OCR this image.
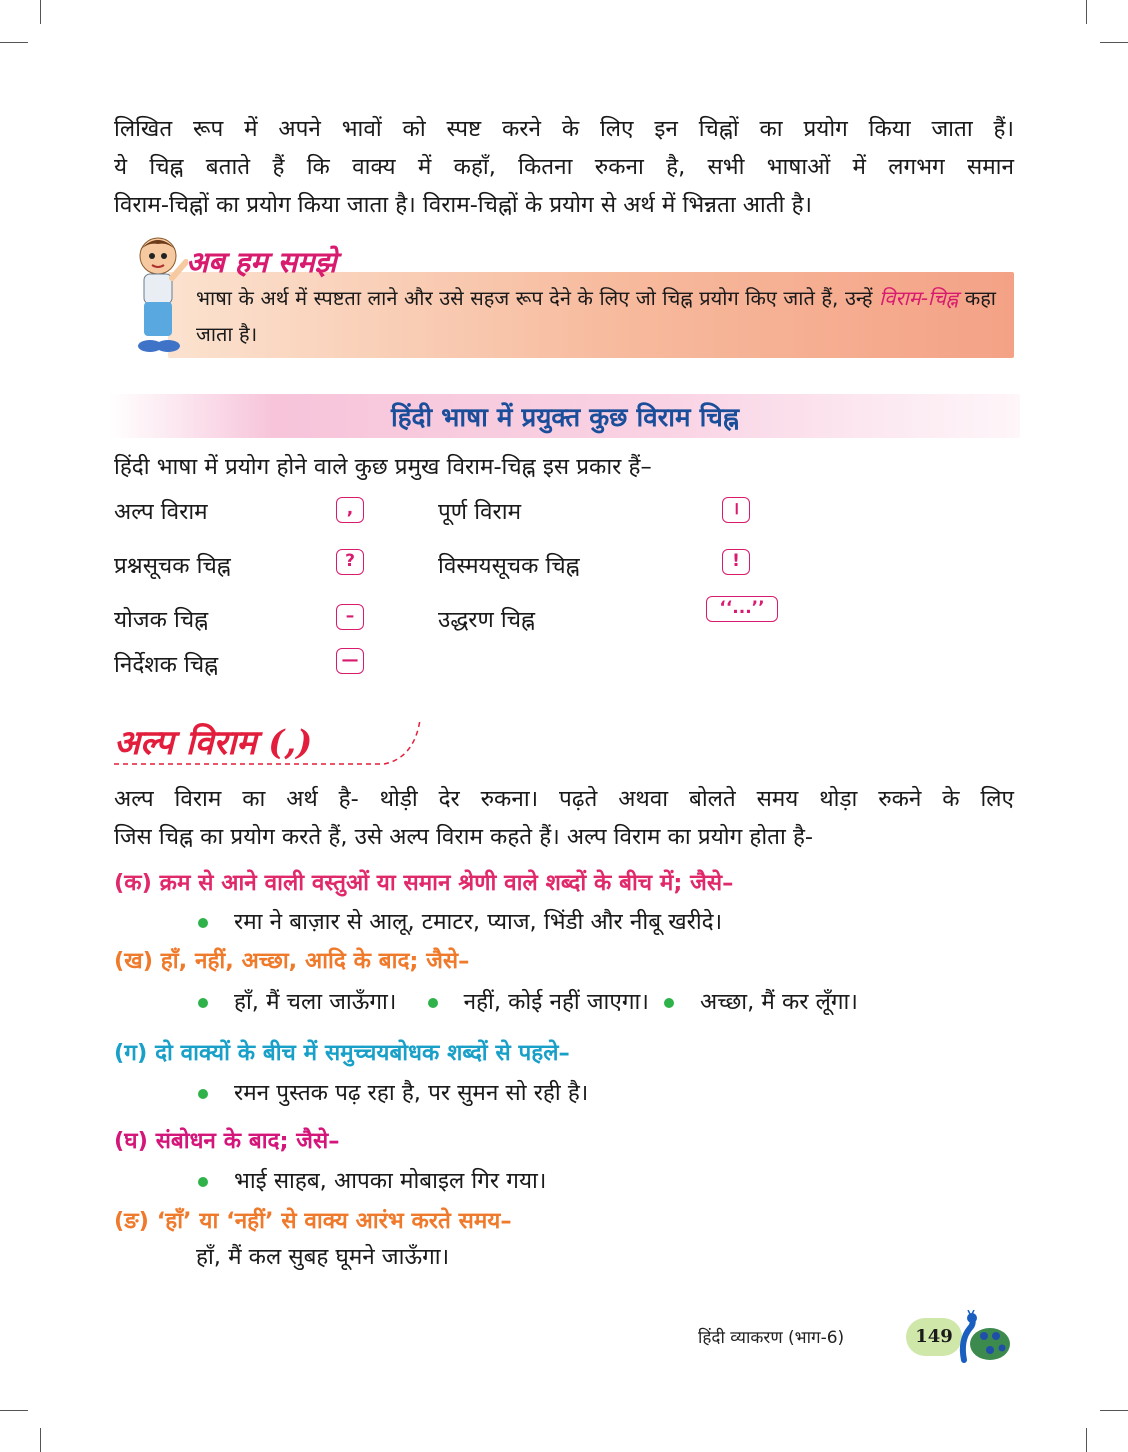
लिखित रूप में अपने भावों को स्पष्ट करने के लिए इन चिह्नों का प्रयोग किया जाता हैं।

ये चिह्न बताते हैं कि वाक्य में कहाँ, कितना रुकना है, सभी भाषाओं में लगभग समान

विराम-चिह्नों का प्रयोग किया जाता है। विराम-चिह्नों के प्रयोग से अर्थ में भिन्नता आती है।

भाषा के अर्थ में स्पष्टता लाने और उसे सहज रूप देने के लिए जो चिह्न प्रयोग किए जाते हैं, उन्हें विराम-चिह्न कहा जाता है।

अब हम समझे
हिंदी भाषा में प्रयुक्त कुछ विराम चिह्न
हिंदी भाषा में प्रयोग होने वाले कुछ प्रमुख विराम-चिह्न इस प्रकार हैं–
अल्प विराम	,	पूर्ण विराम	।
प्रश्नसूचक चिह्न	?	विस्मयसूचक चिह्न	!
योजक चिह्न	–	उद्धरण चिह्न	‘‘...’’
निर्देशक चिह्न	—
अल्प विराम (,)

अल्प विराम का अर्थ है- थोड़ी देर रुकना। पढ़ते अथवा बोलते समय थोड़ा रुकने के लिए

जिस चिह्न का प्रयोग करते हैं, उसे अल्प विराम कहते हैं। अल्प विराम का प्रयोग होता है-

(क) क्रम से आने वाली वस्तुओं या समान श्रेणी वाले शब्दों के बीच में; जैसे–
रमा ने बाज़ार से आलू, टमाटर, प्याज, भिंडी और नीबू खरीदे।
(ख) हाँ, नहीं, अच्छा, आदि के बाद; जैसे–
हाँ, मैं चला जाऊँगा।	नहीं, कोई नहीं जाएगा। अच्छा, मैं कर लूँगा।
(ग) दो वाक्यों के बीच में समुच्चयबोधक शब्दों से पहले–
रमन पुस्तक पढ़ रहा है, पर सुमन सो रही है।
(घ) संबोधन के बाद; जैसे–
भाई साहब, आपका मोबाइल गिर गया।
(ङ) ‘हाँ’ या ‘नहीं’ से वाक्य आरंभ करते समय–
हाँ, मैं कल सुबह घूमने जाऊँगा।
हिंदी व्याकरण (भाग-6)	149
